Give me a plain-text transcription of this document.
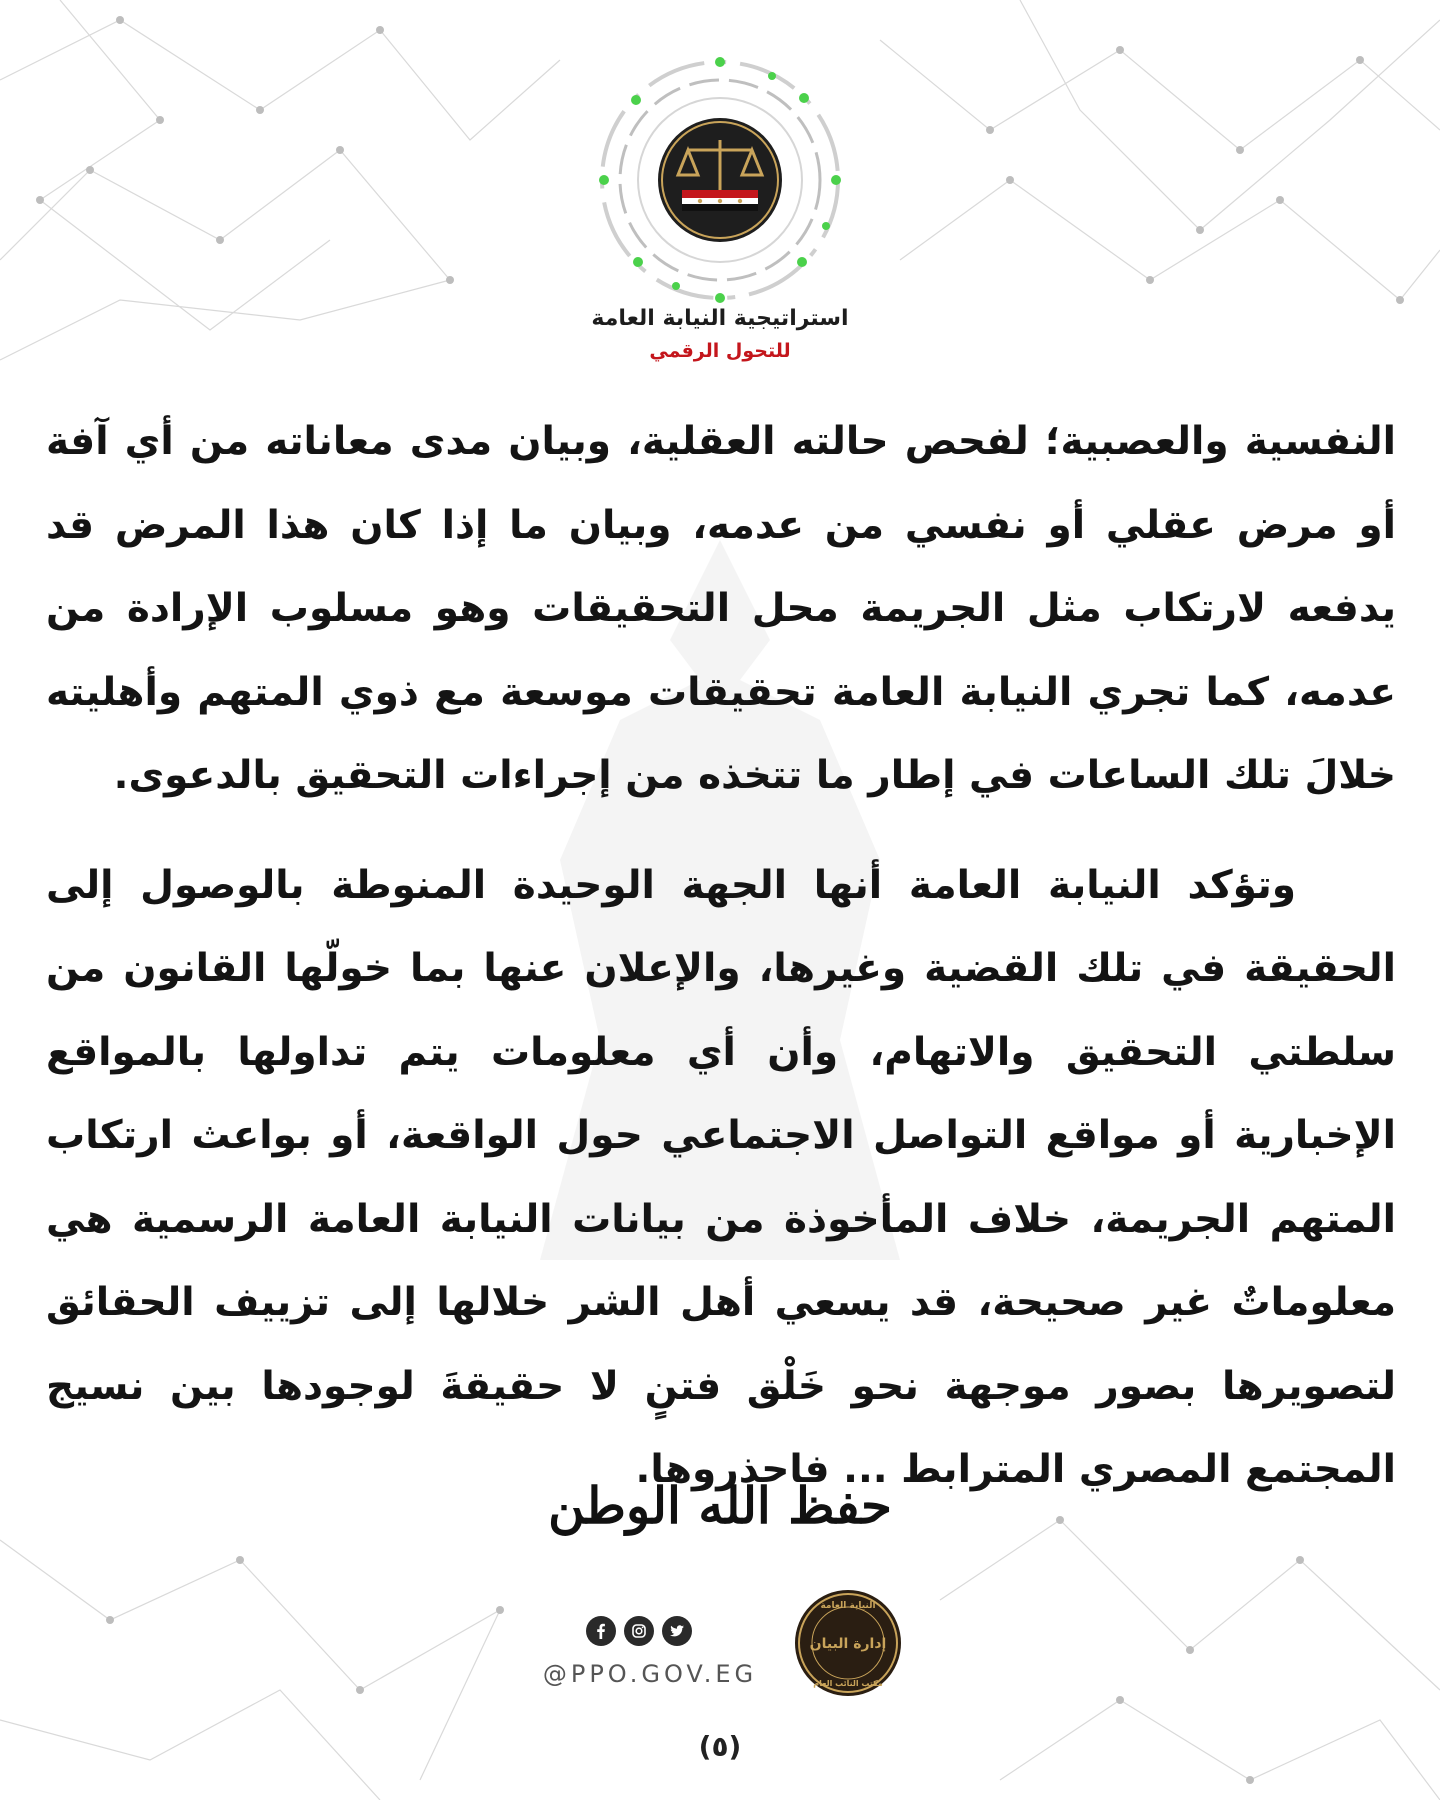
استراتيجية النيابة العامة
للتحول الرقمي

النفسية والعصبية؛ لفحص حالته العقلية، وبيان مدى معاناته من أي آفة أو مرض عقلي أو نفسي من عدمه، وبيان ما إذا كان هذا المرض قد يدفعه لارتكاب مثل الجريمة محل التحقيقات وهو مسلوب الإرادة من عدمه، كما تجري النيابة العامة تحقيقات موسعة مع ذوي المتهم وأهليته خلالَ تلك الساعات في إطار ما تتخذه من إجراءات التحقيق بالدعوى.

وتؤكد النيابة العامة أنها الجهة الوحيدة المنوطة بالوصول إلى الحقيقة في تلك القضية وغيرها، والإعلان عنها بما خولّها القانون من سلطتي التحقيق والاتهام، وأن أي معلومات يتم تداولها بالمواقع الإخبارية أو مواقع التواصل الاجتماعي حول الواقعة، أو بواعث ارتكاب المتهم الجريمة، خلاف المأخوذة من بيانات النيابة العامة الرسمية هي معلوماتٌ غير صحيحة، قد يسعي أهل الشر خلالها إلى تزييف الحقائق لتصويرها بصور موجهة نحو خَلْق فتنٍ لا حقيقةَ لوجودها بين نسيج المجتمع المصري المترابط ... فاحذروها.

حفظ الله الوطن
@PPO.GOV.EG
النيابة العامة
إدارة البيان
مكتب النائب العام
(٥)
